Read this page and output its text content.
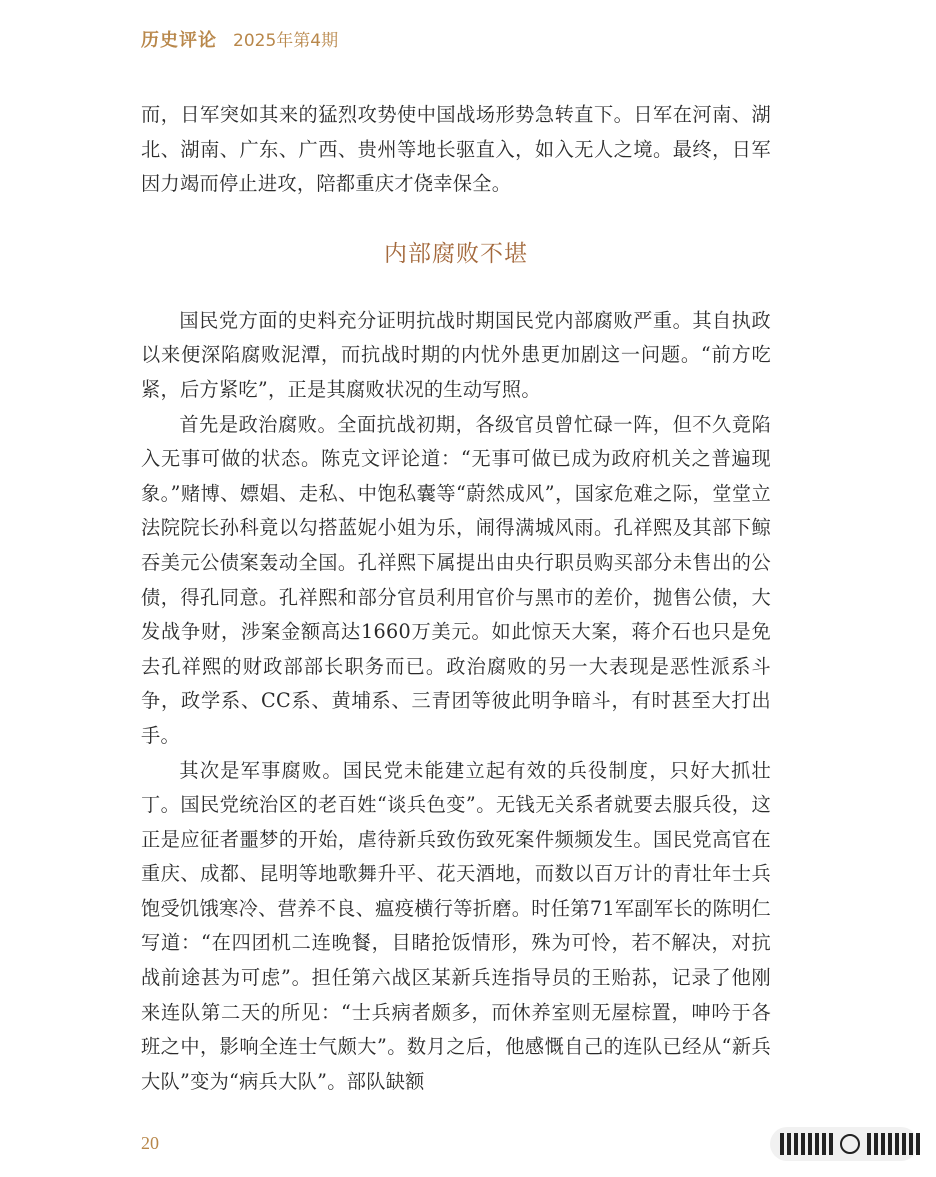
历史评论 2025年第4期

而，日军突如其来的猛烈攻势使中国战场形势急转直下。日军在河南、湖北、湖南、广东、广西、贵州等地长驱直入，如入无人之境。最终，日军因力竭而停止进攻，陪都重庆才侥幸保全。

内部腐败不堪

国民党方面的史料充分证明抗战时期国民党内部腐败严重。其自执政以来便深陷腐败泥潭，而抗战时期的内忧外患更加剧这一问题。“前方吃紧，后方紧吃”，正是其腐败状况的生动写照。

首先是政治腐败。全面抗战初期，各级官员曾忙碌一阵，但不久竟陷入无事可做的状态。陈克文评论道：“无事可做已成为政府机关之普遍现象。”赌博、嫖娼、走私、中饱私囊等“蔚然成风”，国家危难之际，堂堂立法院院长孙科竟以勾搭蓝妮小姐为乐，闹得满城风雨。孔祥熙及其部下鲸吞美元公债案轰动全国。孔祥熙下属提出由央行职员购买部分未售出的公债，得孔同意。孔祥熙和部分官员利用官价与黑市的差价，抛售公债，大发战争财，涉案金额高达1660万美元。如此惊天大案，蒋介石也只是免去孔祥熙的财政部部长职务而已。政治腐败的另一大表现是恶性派系斗争，政学系、CC系、黄埔系、三青团等彼此明争暗斗，有时甚至大打出手。

其次是军事腐败。国民党未能建立起有效的兵役制度，只好大抓壮丁。国民党统治区的老百姓“谈兵色变”。无钱无关系者就要去服兵役，这正是应征者噩梦的开始，虐待新兵致伤致死案件频频发生。国民党高官在重庆、成都、昆明等地歌舞升平、花天酒地，而数以百万计的青壮年士兵饱受饥饿寒冷、营养不良、瘟疫横行等折磨。时任第71军副军长的陈明仁写道：“在四团机二连晚餐，目睹抢饭情形，殊为可怜，若不解决，对抗战前途甚为可虑”。担任第六战区某新兵连指导员的王贻荪，记录了他刚来连队第二天的所见：“士兵病者颇多，而休养室则无屋棕置，呻吟于各班之中，影响全连士气颇大”。数月之后，他感慨自己的连队已经从“新兵大队”变为“病兵大队”。部队缺额

20
